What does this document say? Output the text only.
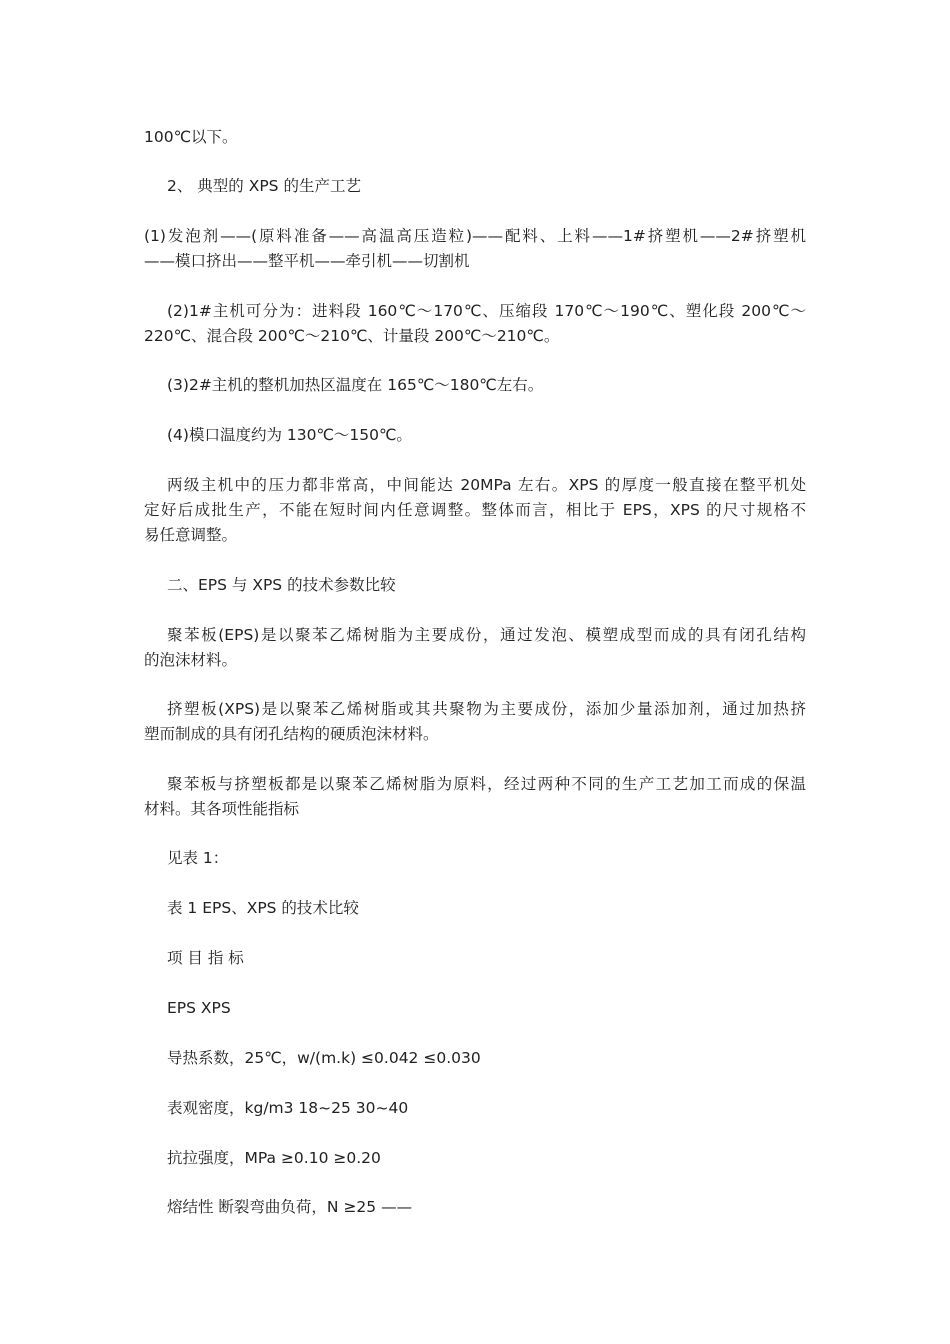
100℃以下。
2、 典型的 XPS 的生产工艺
(1)发泡剂——(原料准备——高温高压造粒)——配料、上料——1#挤塑机——2#挤塑机
——模口挤出——整平机——牵引机——切割机
(2)1#主机可分为：进料段 160℃～170℃、压缩段 170℃～190℃、塑化段 200℃～
220℃、混合段 200℃～210℃、计量段 200℃～210℃。
(3)2#主机的整机加热区温度在 165℃～180℃左右。
(4)模口温度约为 130℃～150℃。
两级主机中的压力都非常高，中间能达 20MPa 左右。XPS 的厚度一般直接在整平机处
定好后成批生产，不能在短时间内任意调整。整体而言，相比于 EPS，XPS 的尺寸规格不
易任意调整。
二、EPS 与 XPS 的技术参数比较
聚苯板(EPS)是以聚苯乙烯树脂为主要成份，通过发泡、模塑成型而成的具有闭孔结构
的泡沫材料。
挤塑板(XPS)是以聚苯乙烯树脂或其共聚物为主要成份，添加少量添加剂，通过加热挤
塑而制成的具有闭孔结构的硬质泡沫材料。
聚苯板与挤塑板都是以聚苯乙烯树脂为原料，经过两种不同的生产工艺加工而成的保温
材料。其各项性能指标
见表 1：
表 1 EPS、XPS 的技术比较
项 目 指 标
EPS XPS
导热系数，25℃，w/(m.k) ≤0.042 ≤0.030
表观密度，kg/m3 18~25 30~40
抗拉强度，MPa ≥0.10 ≥0.20
熔结性 断裂弯曲负荷，N ≥25 ——
